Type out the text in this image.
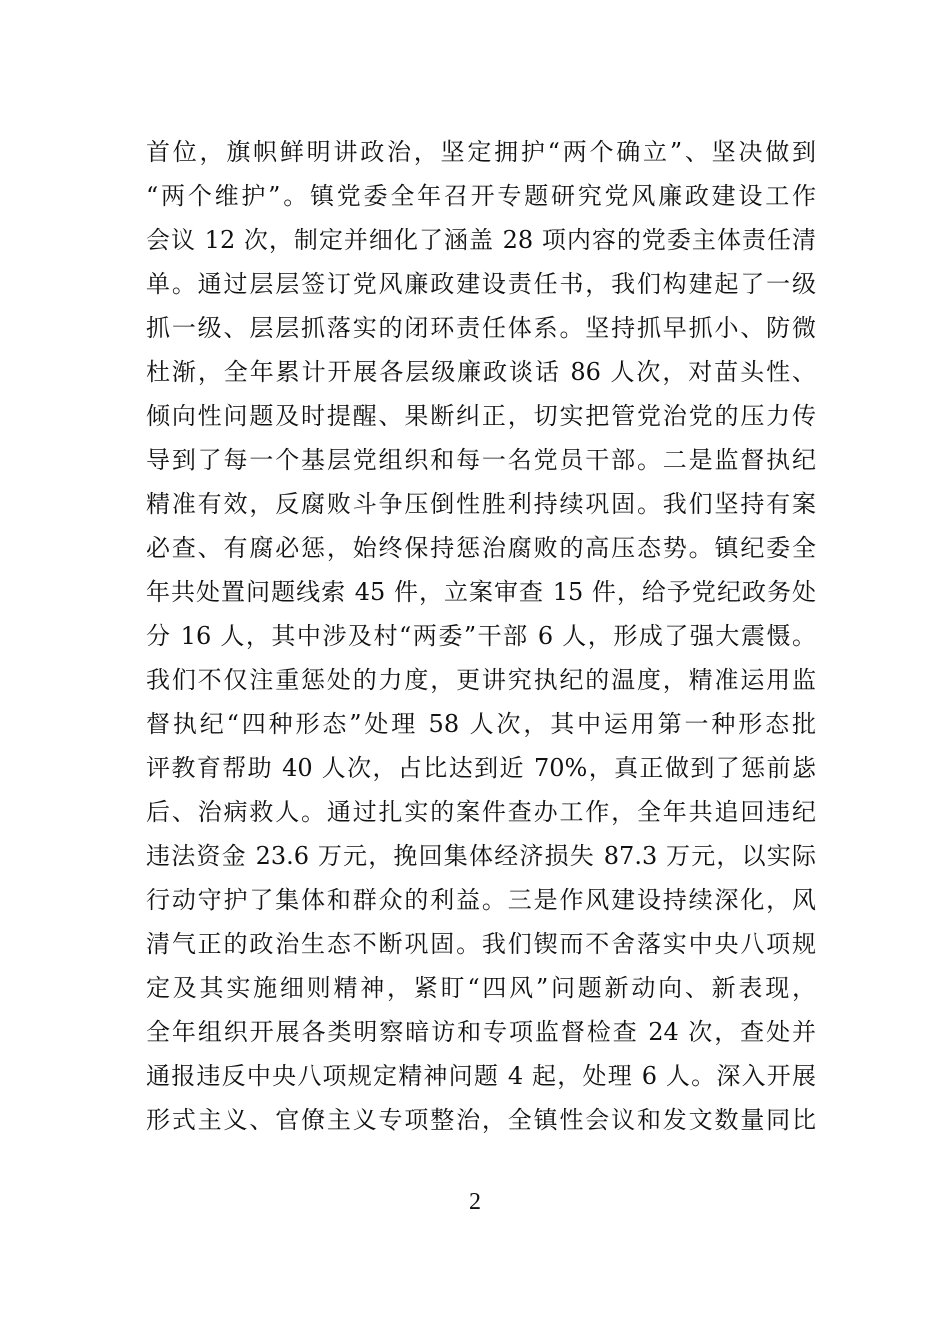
首位，旗帜鲜明讲政治，坚定拥护“两个确立”、坚决做到
“两个维护”。镇党委全年召开专题研究党风廉政建设工作
会议 12 次，制定并细化了涵盖 28 项内容的党委主体责任清
单。通过层层签订党风廉政建设责任书，我们构建起了一级
抓一级、层层抓落实的闭环责任体系。坚持抓早抓小、防微
杜渐，全年累计开展各层级廉政谈话 86 人次，对苗头性、
倾向性问题及时提醒、果断纠正，切实把管党治党的压力传
导到了每一个基层党组织和每一名党员干部。二是监督执纪
精准有效，反腐败斗争压倒性胜利持续巩固。我们坚持有案
必查、有腐必惩，始终保持惩治腐败的高压态势。镇纪委全
年共处置问题线索 45 件，立案审查 15 件，给予党纪政务处
分 16 人，其中涉及村“两委”干部 6 人，形成了强大震慑。
我们不仅注重惩处的力度，更讲究执纪的温度，精准运用监
督执纪“四种形态”处理 58 人次，其中运用第一种形态批
评教育帮助 40 人次，占比达到近 70%，真正做到了惩前毖
后、治病救人。通过扎实的案件查办工作，全年共追回违纪
违法资金 23.6 万元，挽回集体经济损失 87.3 万元，以实际
行动守护了集体和群众的利益。三是作风建设持续深化，风
清气正的政治生态不断巩固。我们锲而不舍落实中央八项规
定及其实施细则精神，紧盯“四风”问题新动向、新表现，
全年组织开展各类明察暗访和专项监督检查 24 次，查处并
通报违反中央八项规定精神问题 4 起，处理 6 人。深入开展
形式主义、官僚主义专项整治，全镇性会议和发文数量同比
2
